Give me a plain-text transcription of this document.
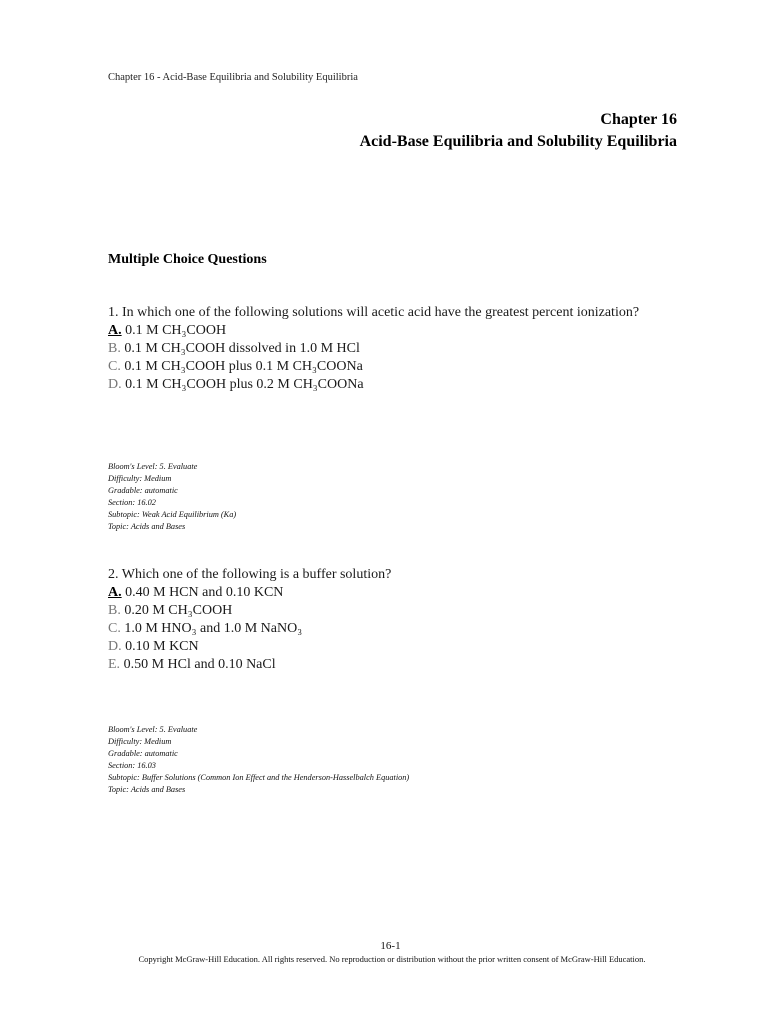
Chapter 16 - Acid-Base Equilibria and Solubility Equilibria
Chapter 16
Acid-Base Equilibria and Solubility Equilibria
Multiple Choice Questions
1. In which one of the following solutions will acetic acid have the greatest percent ionization?
A. 0.1 M CH₃COOH
B. 0.1 M CH₃COOH dissolved in 1.0 M HCl
C. 0.1 M CH₃COOH plus 0.1 M CH₃COONa
D. 0.1 M CH₃COOH plus 0.2 M CH₃COONa
Bloom's Level: 5. Evaluate
Difficulty: Medium
Gradable: automatic
Section: 16.02
Subtopic: Weak Acid Equilibrium (Ka)
Topic: Acids and Bases
2. Which one of the following is a buffer solution?
A. 0.40 M HCN and 0.10 KCN
B. 0.20 M CH₃COOH
C. 1.0 M HNO₃ and 1.0 M NaNO₃
D. 0.10 M KCN
E. 0.50 M HCl and 0.10 NaCl
Bloom's Level: 5. Evaluate
Difficulty: Medium
Gradable: automatic
Section: 16.03
Subtopic: Buffer Solutions (Common Ion Effect and the Henderson-Hasselbalch Equation)
Topic: Acids and Bases
16-1
Copyright McGraw-Hill Education. All rights reserved. No reproduction or distribution without the prior written consent of McGraw-Hill Education.
